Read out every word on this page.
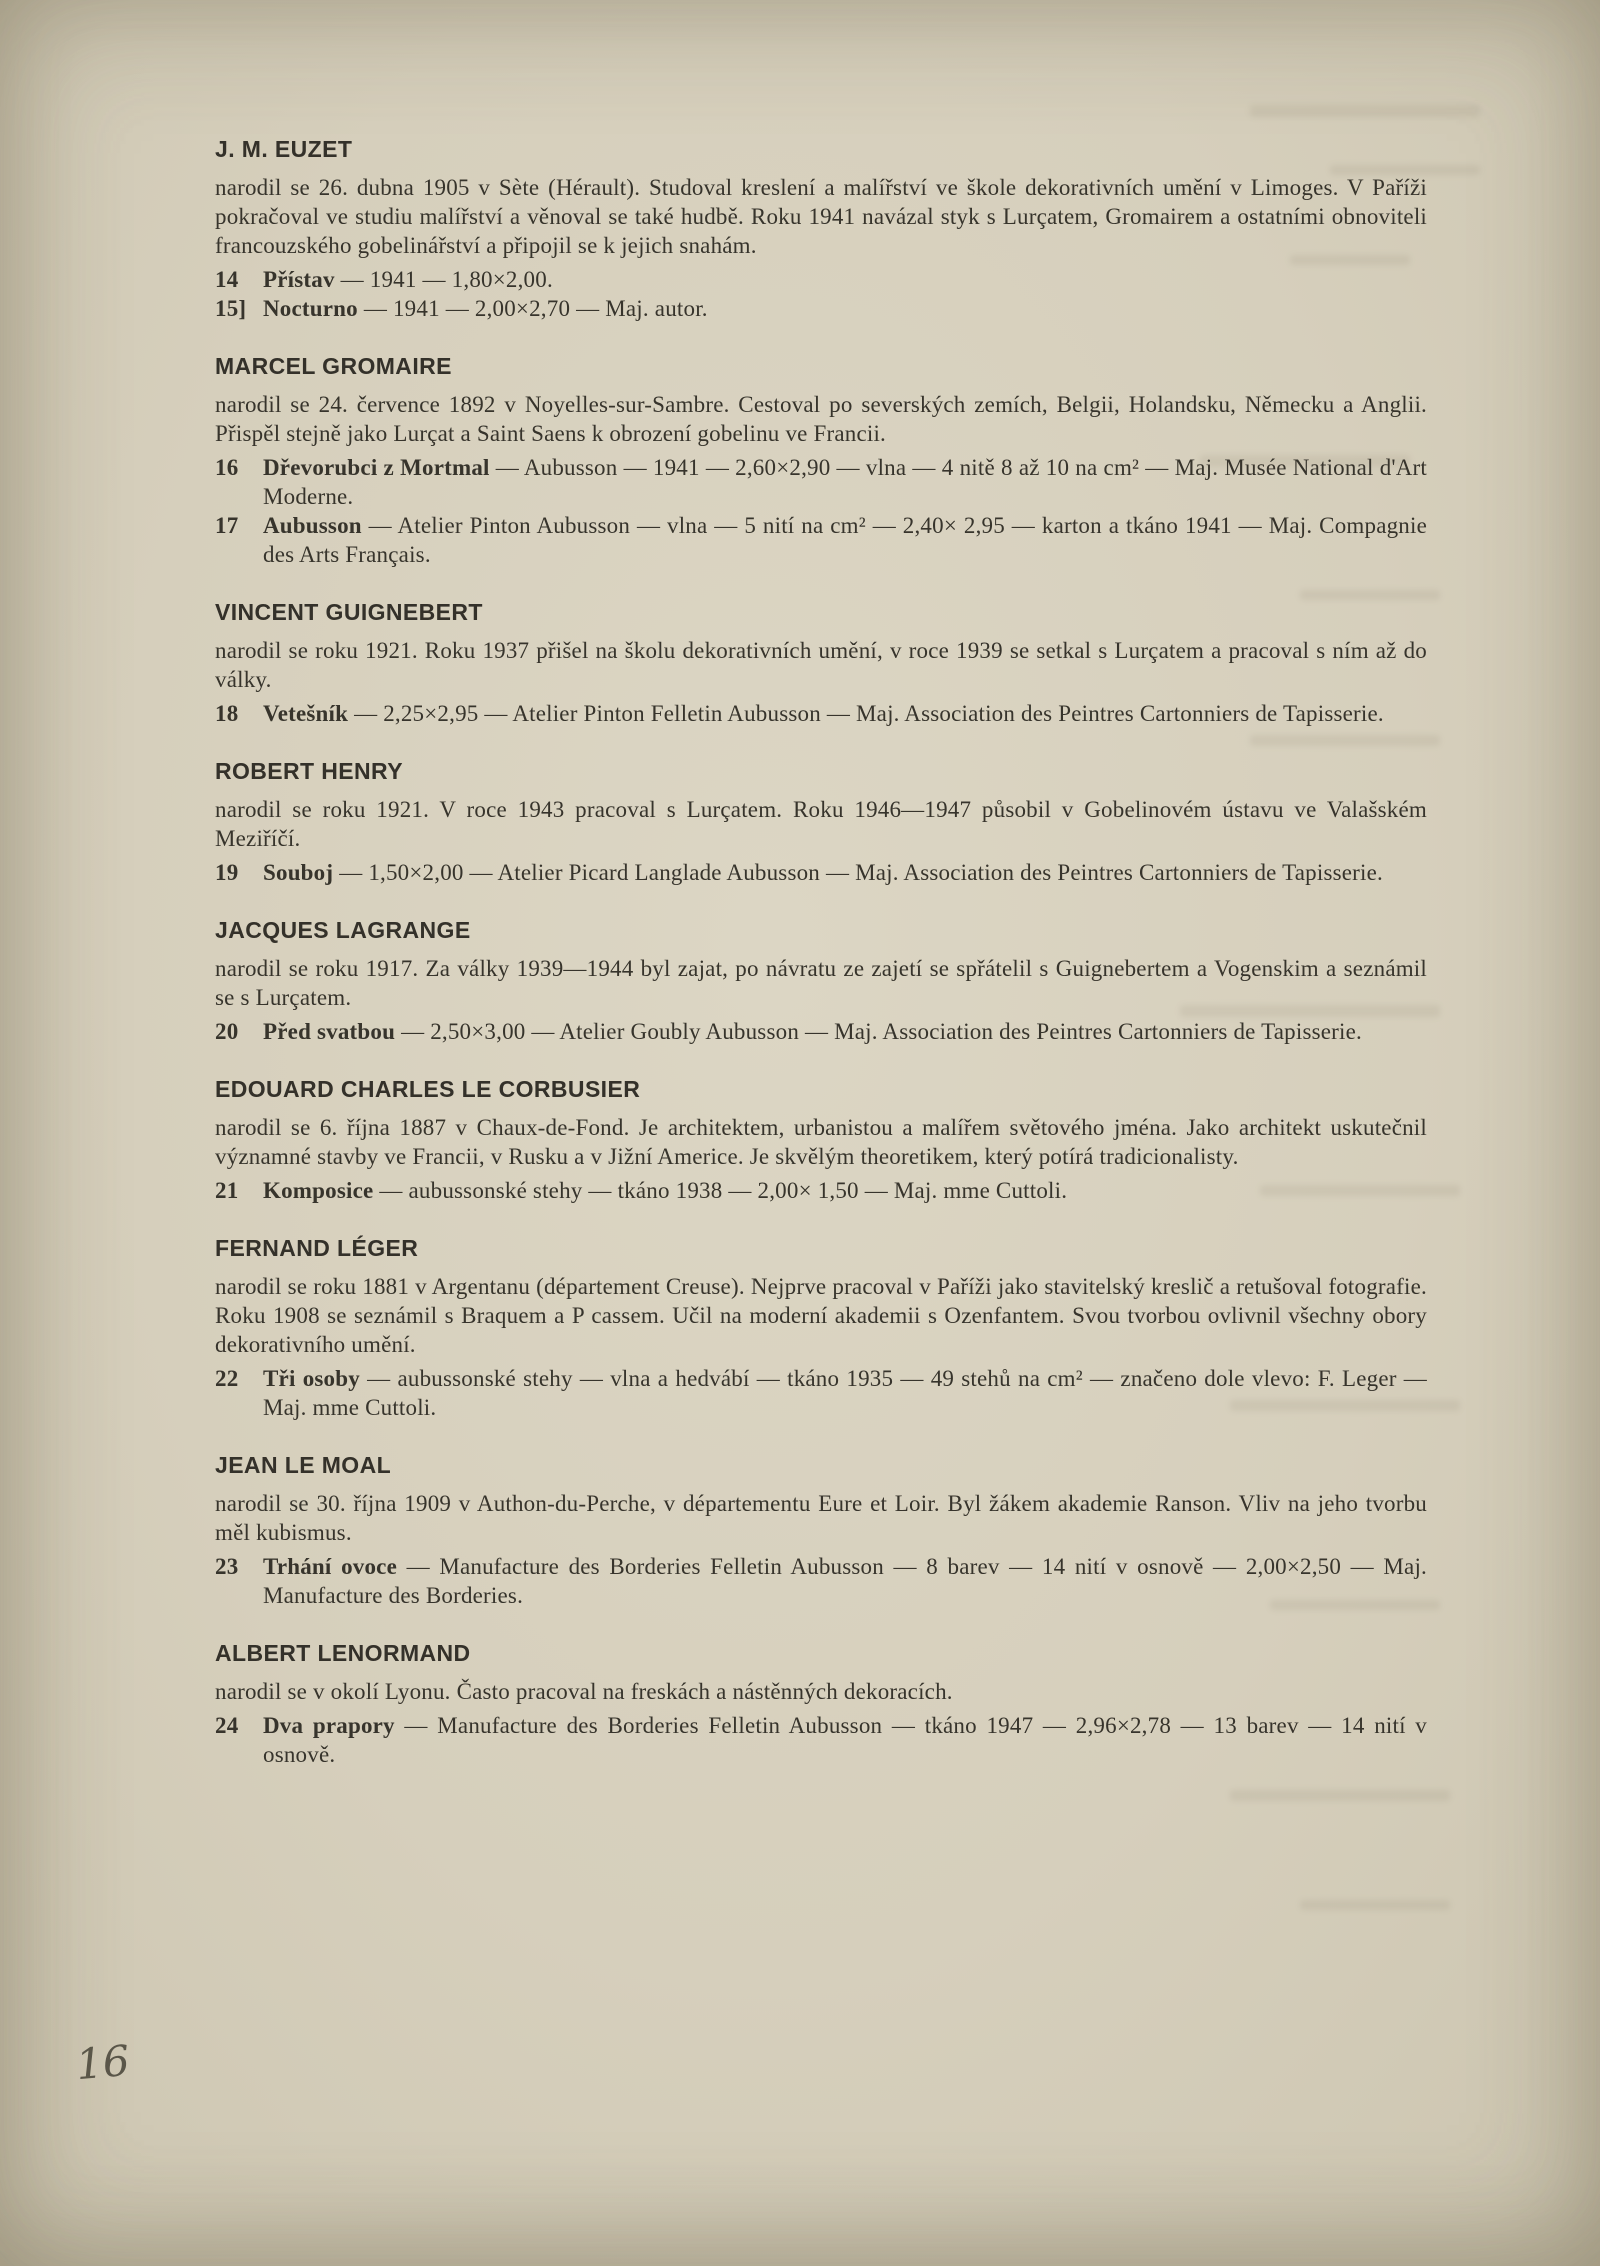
J. M. EUZET

narodil se 26. dubna 1905 v Sète (Hérault). Studoval kreslení a malířství ve škole dekorativních umění v Limoges. V Paříži pokračoval ve studiu malířství a věnoval se také hudbě. Roku 1941 navázal styk s Lurçatem, Gromairem a ostatními obnoviteli francouzského gobelinářství a připojil se k jejich snahám.

14 Přístav — 1941 — 1,80×2,00.

15] Nocturno — 1941 — 2,00×2,70 — Maj. autor.

MARCEL GROMAIRE

narodil se 24. července 1892 v Noyelles-sur-Sambre. Cestoval po severských zemích, Belgii, Holandsku, Německu a Anglii. Přispěl stejně jako Lurçat a Saint Saens k obrození gobelinu ve Francii.

16 Dřevorubci z Mortmal — Aubusson — 1941 — 2,60×2,90 — vlna — 4 nitě 8 až 10 na cm² — Maj. Musée National d'Art Moderne.

17 Aubusson — Atelier Pinton Aubusson — vlna — 5 nití na cm² — 2,40× 2,95 — karton a tkáno 1941 — Maj. Compagnie des Arts Français.

VINCENT GUIGNEBERT

narodil se roku 1921. Roku 1937 přišel na školu dekorativních umění, v roce 1939 se setkal s Lurçatem a pracoval s ním až do války.

18 Vetešník — 2,25×2,95 — Atelier Pinton Felletin Aubusson — Maj. Association des Peintres Cartonniers de Tapisserie.

ROBERT HENRY

narodil se roku 1921. V roce 1943 pracoval s Lurçatem. Roku 1946—1947 působil v Gobelinovém ústavu ve Valašském Meziříčí.

19 Souboj — 1,50×2,00 — Atelier Picard Langlade Aubusson — Maj. Association des Peintres Cartonniers de Tapisserie.

JACQUES LAGRANGE

narodil se roku 1917. Za války 1939—1944 byl zajat, po návratu ze zajetí se spřátelil s Guignebertem a Vogenskim a seznámil se s Lurçatem.

20 Před svatbou — 2,50×3,00 — Atelier Goubly Aubusson — Maj. Association des Peintres Cartonniers de Tapisserie.

EDOUARD CHARLES LE CORBUSIER

narodil se 6. října 1887 v Chaux-de-Fond. Je architektem, urbanistou a malířem světového jména. Jako architekt uskutečnil významné stavby ve Francii, v Rusku a v Jižní Americe. Je skvělým theoretikem, který potírá tradicionalisty.

21 Komposice — aubussonské stehy — tkáno 1938 — 2,00× 1,50 — Maj. mme Cuttoli.

FERNAND LÉGER

narodil se roku 1881 v Argentanu (département Creuse). Nejprve pracoval v Paříži jako stavitelský kreslič a retušoval fotografie. Roku 1908 se seznámil s Braquem a P cassem. Učil na moderní akademii s Ozenfantem. Svou tvorbou ovlivnil všechny obory dekorativního umění.

22 Tři osoby — aubussonské stehy — vlna a hedvábí — tkáno 1935 — 49 stehů na cm² — značeno dole vlevo: F. Leger — Maj. mme Cuttoli.

JEAN LE MOAL

narodil se 30. října 1909 v Authon-du-Perche, v départementu Eure et Loir. Byl žákem akademie Ranson. Vliv na jeho tvorbu měl kubismus.

23 Trhání ovoce — Manufacture des Borderies Felletin Aubusson — 8 barev — 14 nití v osnově — 2,00×2,50 — Maj. Manufacture des Borderies.

ALBERT LENORMAND

narodil se v okolí Lyonu. Často pracoval na freskách a nástěnných dekoracích.

24 Dva prapory — Manufacture des Borderies Felletin Aubusson — tkáno 1947 — 2,96×2,78 — 13 barev — 14 nití v osnově.

16
